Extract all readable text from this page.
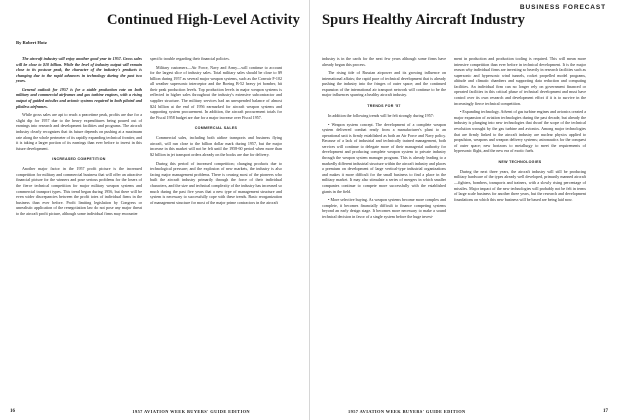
Continued High-Level Activity
By Robert Hotz

The aircraft industry will enjoy another good year in 1957. Gross sales will be close to $10 billion. While the level of industry output will remain close to its postwar peak, the character of the industry's products is changing due to the rapid advances in technology during the past two years.

General outlook for 1957 is for a stable production rate on both military and commercial airframes and gas turbine engines, with a rising output of guided missiles and avionic systems required in both piloted and pilotless airframes.

While gross sales are apt to reach a peacetime peak, profits are due for a slight dip for 1957 due to the heavy expenditures being poured out of earnings into research and development facilities and programs. The aircraft industry clearly recognizes that its future depends on pushing at a maximum rate along the whole perimeter of its rapidly expanding technical frontier, and it is taking a larger portion of its earnings than ever before to invest in this future development.

INCREASED COMPETITION

Another major factor in the 1957 profit picture is the increased competition for military and commercial business that will offer an attractive financial picture for the winners and pose serious problems for the losers of the fierce technical competition for major military weapon systems and commercial transport types. This trend began during 1956, but there will be even wider discrepancies between the profit totes of individual firms in the business than ever before. Profit limiting legislation by Congress or unrealistic application of the renegotiation law do not pose any major threat to the aircraft profit picture, although some individual firms may encounter

specific trouble regarding their financial policies.

Military customers—Air Force, Navy and Army—will continue to account for the largest slice of industry sales. Total military sales should be close to $9 billion during 1957 as several major weapon systems, such as the Convair F-102 all weather supersonic interceptor and the Boeing B-52 heavy jet bomber, hit their peak production levels. Top production levels in major weapon systems is reflected in higher sales throughout the industry's extensive subcontractor and supplier structure. The military services had an unexpended balance of almost $24 billion at the end of 1956 earmarked for aircraft weapon systems and supporting system procurement. In addition, the aircraft procurement totals for the Fiscal 1958 budget are due for a major increase over Fiscal 1957.

COMMERCIAL SALES

Commercial sales, including both airline transports and business flying aircraft, will run close to the billion dollar mark during 1957, but the major increase in this market will not be felt until the 1958-60 period when more than $2 billion in jet transport orders already on the books are due for delivery.

During this period of increased competition; changing products due to technological pressure; and the explosion of new markets, the industry is also facing major management problems. There is ceasing most of the pioneers who built the aircraft industry primarily through the force of their individual characters, and the size and technical complexity of the industry has increased so much during the past five years that a new type of management structure and system is necessary to successfully cope with these trends. Basic reorganization of management structure for most of the major prime contractors in the aircraft

16	1957 AVIATION WEEK BUYERS' GUIDE EDITION
BUSINESS FORECAST
Spurs Healthy Aircraft Industry

industry is in the cards for the next few years although some firms have already begun this process.

The rising tide of Russian airpower and its growing influence on international affairs; the rapid pace of technical development that is already pushing the industry into the fringes of outer space; and the continued expansion of the international air transport network will continue to be the major influences spurring a healthy aircraft industry.

TRENDS FOR '57

In addition the following trends will be felt strongly during 1957:

• Weapon system concept. The development of a complete weapon system delivered combat ready from a manufacturer's plant to an operational unit is firmly established as both an Air Force and Navy policy. Because of a lack of industrial and technically trained management, both services will continue to delegate more of their managerial authority for development and producing complete weapon system to private industry through the weapon system manager program. This is already leading to a markedly different industrial structure within the aircraft industry and places a premium on development of large vertical-type industrial organizations and makes it more difficult for the small business to find a place in the military market. It may also stimulate a series of mergers in which smaller companies continue to compete more successfully with the established giants in the field.

• More selective buying. As weapon systems become more complex and complete, it becomes financially difficult to finance competing systems beyond an early design stage. It becomes more necessary to make a sound technical decision in favor of a single system before the huge invest-

ment in production and production tooling is required. This will mean more intensive competition than ever before in technical development. It is the major reason why individual firms are investing so heavily in research facilities such as supersonic and hypersonic wind tunnels, rocket propelled model programs, altitude and climatic chambers and supporting data reduction and computing facilities. An individual firm can no longer rely on government financed or operated facilities in this critical phase of technical development and must have control over its own research and development effort if it is to survive in the increasingly fierce technical competition.

• Expanding technology. Advent of gas turbine engines and avionics created a major expansion of aviation technologies during the past decade, but already the industry is plunging into new technologies that dwarf the scope of the technical revolution wrought by the gas turbine and avionics. Among major technologies that are firmly linked to the aircraft industry are nuclear physics applied to propulsion, weapons and weapon delivery systems; astronautics for the conquest of outer space; new horizons to metallurgy to meet the requirements of hypersonic flight, and the new era of exotic fuels.

NEW TECHNOLOGIES

During the next three years, the aircraft industry will still be producing military hardware of the types already well developed, primarily manned aircraft—fighters, bombers, transports and trainers, with a slowly rising percentage of missiles. Major impact of the new technologies will probably not be felt in terms of large scale business for another three years, but the research and development foundations on which this new business will be based are being laid now.

1957 AVIATION WEEK BUYERS' GUIDE EDITION	17
